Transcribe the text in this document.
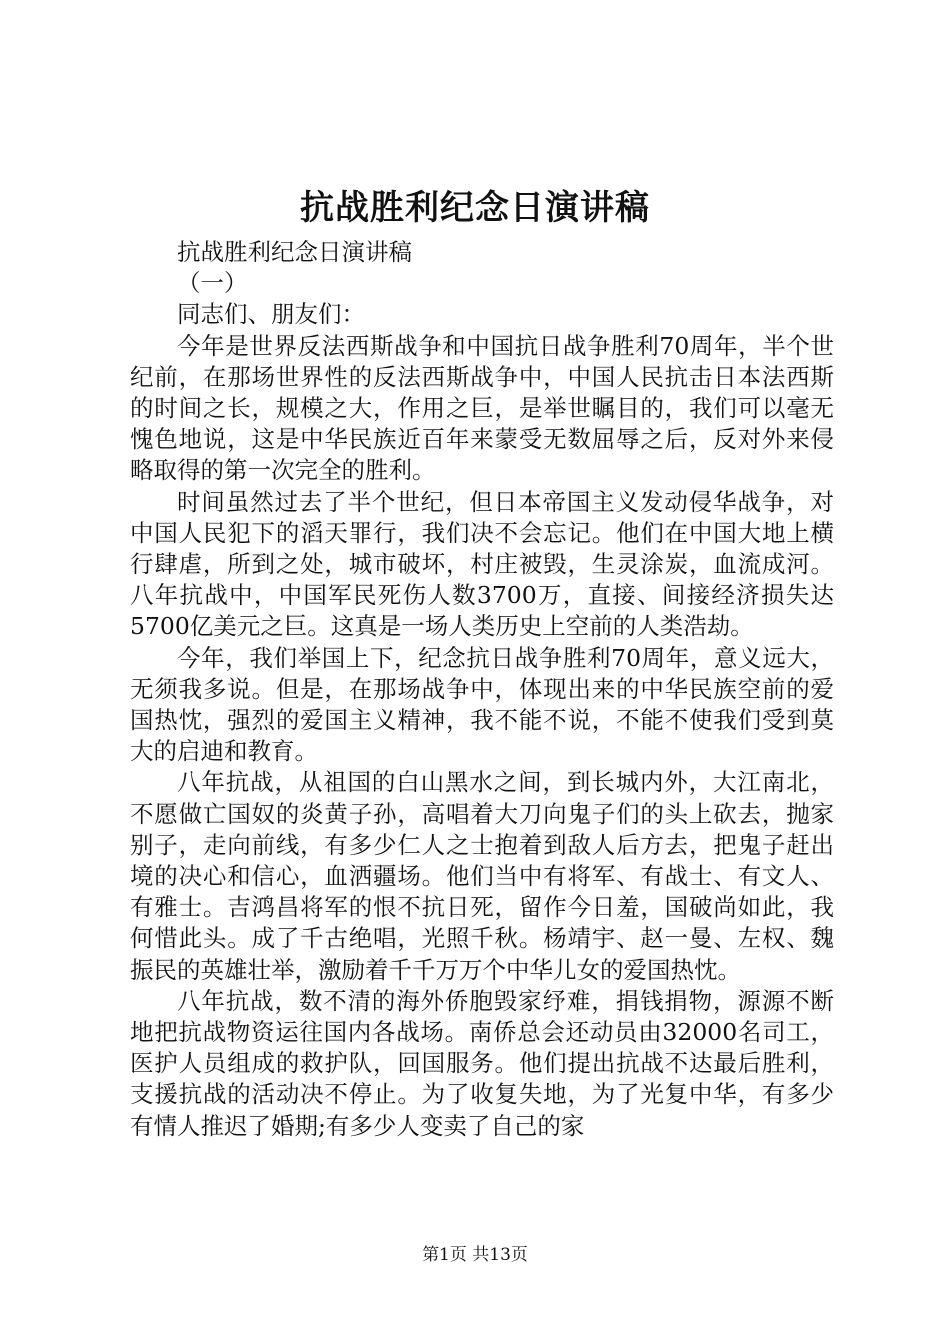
抗战胜利纪念日演讲稿

抗战胜利纪念日演讲稿

（一）

同志们、朋友们：

今年是世界反法西斯战争和中国抗日战争胜利70周年，半个世纪前，在那场世界性的反法西斯战争中，中国人民抗击日本法西斯的时间之长，规模之大，作用之巨，是举世瞩目的，我们可以毫无愧色地说，这是中华民族近百年来蒙受无数屈辱之后，反对外来侵略取得的第一次完全的胜利。

时间虽然过去了半个世纪，但日本帝国主义发动侵华战争，对中国人民犯下的滔天罪行，我们决不会忘记。他们在中国大地上横行肆虐，所到之处，城市破坏，村庄被毁，生灵涂炭，血流成河。八年抗战中，中国军民死伤人数3700万，直接、间接经济损失达5700亿美元之巨。这真是一场人类历史上空前的人类浩劫。

今年，我们举国上下，纪念抗日战争胜利70周年，意义远大，无须我多说。但是，在那场战争中，体现出来的中华民族空前的爱国热忱，强烈的爱国主义精神，我不能不说，不能不使我们受到莫大的启迪和教育。

八年抗战，从祖国的白山黑水之间，到长城内外，大江南北，不愿做亡国奴的炎黄子孙，高唱着大刀向鬼子们的头上砍去，抛家别子，走向前线，有多少仁人之士抱着到敌人后方去，把鬼子赶出境的决心和信心，血洒疆场。他们当中有将军、有战士、有文人、有雅士。吉鸿昌将军的恨不抗日死，留作今日羞，国破尚如此，我何惜此头。成了千古绝唱，光照千秋。杨靖宇、赵一曼、左权、魏振民的英雄壮举，激励着千千万万个中华儿女的爱国热忱。

八年抗战，数不清的海外侨胞毁家纾难，捐钱捐物，源源不断地把抗战物资运往国内各战场。南侨总会还动员由32000名司工，医护人员组成的救护队，回国服务。他们提出抗战不达最后胜利，支援抗战的活动决不停止。为了收复失地，为了光复中华，有多少有情人推迟了婚期;有多少人变卖了自己的家

第1页 共13页
